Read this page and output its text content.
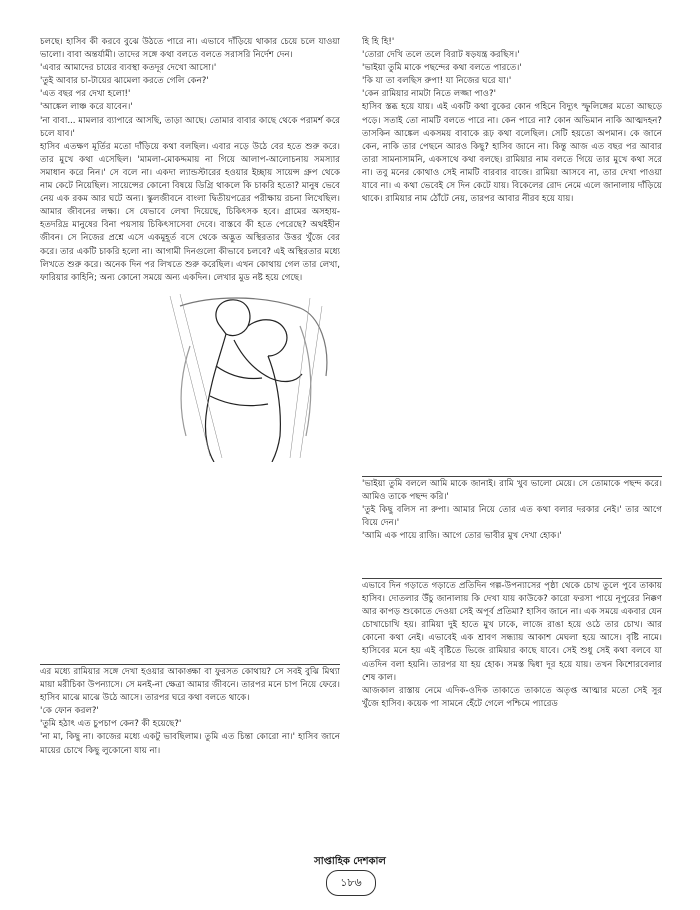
চলছে। হাসিব কী করবে বুঝে উঠতে পারে না। এভাবে দাঁড়িয়ে থাকার চেয়ে চলে যাওয়া ভালো। বাবা অন্তর্যামী। তাদের সঙ্গে কথা বলতে বলতে সরাসরি নির্দেশ দেন।

'এবার আমাদের চায়ের ব্যবস্থা কতদূর দেখো আসো।'

'তুই আবার চা-টায়ের ঝামেলা করতে গেলি কেন?'

'এত বছর পর দেখা হলো!'

'আঙ্কেল লাঞ্চ করে যাবেন।'

'না বাবা... মামলার ব্যাপারে আসছি, তাড়া আছে। তোমার বাবার কাছে থেকে পরামর্শ করে চলে যাব।'

হাসিব এতক্ষণ মূর্তির মতো দাঁড়িয়ে কথা বলছিল। এবার নড়ে উঠে বের হতে শুরু করে। তার মুখে কথা এসেছিল। 'মামলা-মোকদ্দমায় না গিয়ে আলাপ-আলোচনায় সমস্যার সমাধান করে নিন।' সে বলে না। একদা ল্যান্ডস্টারের হওয়ার ইচ্ছায় সায়েন্স গ্রুপ থেকে নাম কেটে নিয়েছিল। সায়েন্সের কোনো বিষয়ে ডিগ্রি থাকলে কি চাকরি হতো? মানুষ ভেবে নেয় এক রকম আর ঘটে অন্য। স্কুলজীবনে বাংলা দ্বিতীয়পত্রের পরীক্ষায় রচনা লিখেছিল। আমার জীবনের লক্ষ্য। সে যেভাবে লেখা দিয়েছে, চিকিৎসক হবে। গ্রামের অসহায়-হতদরিদ্র মানুষের বিনা পয়সায় চিকিৎসাসেবা দেবে। বাস্তবে কী হতে পেরেছে? অথইহীন জীবন। সে নিজের প্রশ্নে এসে একমুহূর্ত বসে থেকে অদ্ভুত অস্থিরতার উত্তর খুঁজে বের করে। তার একটি চাকরি হলো না। আগামী দিনগুলো কীভাবে চলবে? এই অস্থিরতার মধ্যে লিখতে শুরু করে। অনেক দিন পর লিখতে শুরু করেছিল। এখন কোথায় গেল তার লেখা, ফারিয়ার কাহিনি; অন্য কোনো সময়ে অন্য একদিন। লেখার মুড নষ্ট হয়ে গেছে।

এর মধ্যে রামিয়ার সঙ্গে দেখা হওয়ার আকাঙ্ক্ষা বা ফুরসত কোথায়? সে সবই বুঝি মিথ্যা মায়া মরীচিকা উপন্যাসে। সে মনই-না ক্ষেত্রা আমার জীবনে। তারপর মনে চাপ নিয়ে ফেরে। হাসিব মাঝে মাঝে উঠে আসে। তারপর ঘরে কথা বলতে থাকে।

'কে ফোন করল?'

'তুমি হঠাৎ এত চুপচাপ কেন? কী হয়েছে?'

'না মা, কিছু না। কাজের মধ্যে একটু ভাবছিলাম। তুমি এত চিন্তা কোরো না।' হাসিব জানে মায়ের চোখে কিছু লুকোনো যায় না।

হি হি হি!'

'তোরা দেখি তলে তলে বিরাট ষড়যন্ত্র করছিস।'

'ভাইয়া তুমি মাকে পছন্দের কথা বলতে পারতে।'

'কি যা তা বলছিস রুপা! যা নিজের ঘরে যা।'

'কেন রামিয়ার নামটা নিতে লজ্জা পাও?'

হাসিব স্তব্ধ হয়ে যায়। এই একটি কথা বুকের কোন গহিনে বিদ্যুৎ স্ফুলিঙ্গের মতো আছড়ে পড়ে। সতাই তো নামটি বলতে পারে না। কেন পারে না? কোন অভিমান নাকি আত্মদহন? তাসকিন আঙ্কেল একসময় বাবাকে রূঢ় কথা বলেছিল। সেটি হয়তো অপমান। কে জানে কেন, নাকি তার পেছনে আরও কিছু? হাসিব জানে না। কিন্তু আজ এত বছর পর আবার তারা সামনাসামনি, একসাথে কথা বলছে। রামিয়ার নাম বলতে গিয়ে তার মুখে কথা সরে না। তবু মনের কোথাও সেই নামটি বারবার বাজে। রামিয়া আসবে না, তার দেখা পাওয়া যাবে না। এ কথা ভেবেই সে দিন কেটে যায়। বিকেলের রোদ নেমে এলে জানালায় দাঁড়িয়ে থাকে। রামিয়ার নাম ঠোঁটে নেয়, তারপর আবার নীরব হয়ে যায়।

'ভাইয়া তুমি বললে আমি মাকে জানাই। রামি খুব ভালো মেয়ে। সে তোমাকে পছন্দ করে। আমিও তাকে পছন্দ করি।'

'তুই কিছু বলিস না রুপা। আমার নিয়ে তোর এত কথা বলার দরকার নেই।' তার আগে বিয়ে দেন।'

'আমি এক পায়ে রাজি। আগে তোর ভাবীর মুখ দেখা হোক।'

এভাবে দিন গড়াতে গড়াতে প্রতিদিন গল্প-উপন্যাসের পৃষ্ঠা থেকে চোখ তুলে পুবে তাকায় হাসিব। দোতলার উঁচু জানালায় কি দেখা যায় কাউকে? কারো ফরসা পায়ে নূপুরের নিক্কণ আর কাপড় শুকোতে দেওয়া সেই অপূর্ব প্রতিমা? হাসিব জানে না। এক সময়ে একবার যেন চোখাচোখি হয়। রামিয়া দুই হাতে মুখ ঢাকে, লাজে রাঙা হয়ে ওঠে তার চোখ। আর কোনো কথা নেই। এভাবেই এক শ্রাবণ সন্ধ্যায় আকাশ মেঘলা হয়ে আসে। বৃষ্টি নামে। হাসিবের মনে হয় এই বৃষ্টিতে ভিজে রামিয়ার কাছে যাবে। সেই শুধু সেই কথা বলবে যা এতদিন বলা হয়নি। তারপর যা হয় হোক। সমস্ত দ্বিধা দূর হয়ে যায়। তখন কিশোরবেলার শেষ কাল।

আজকাল রাস্তায় নেমে এদিক-ওদিক তাকাতে তাকাতে অতৃপ্ত আত্মার মতো সেই সুর খুঁজে হাসিব। কয়েক পা সামনে হেঁটে গেলে পশ্চিমে প্যারেড

সাপ্তাহিক দেশকাল
১৮৬
